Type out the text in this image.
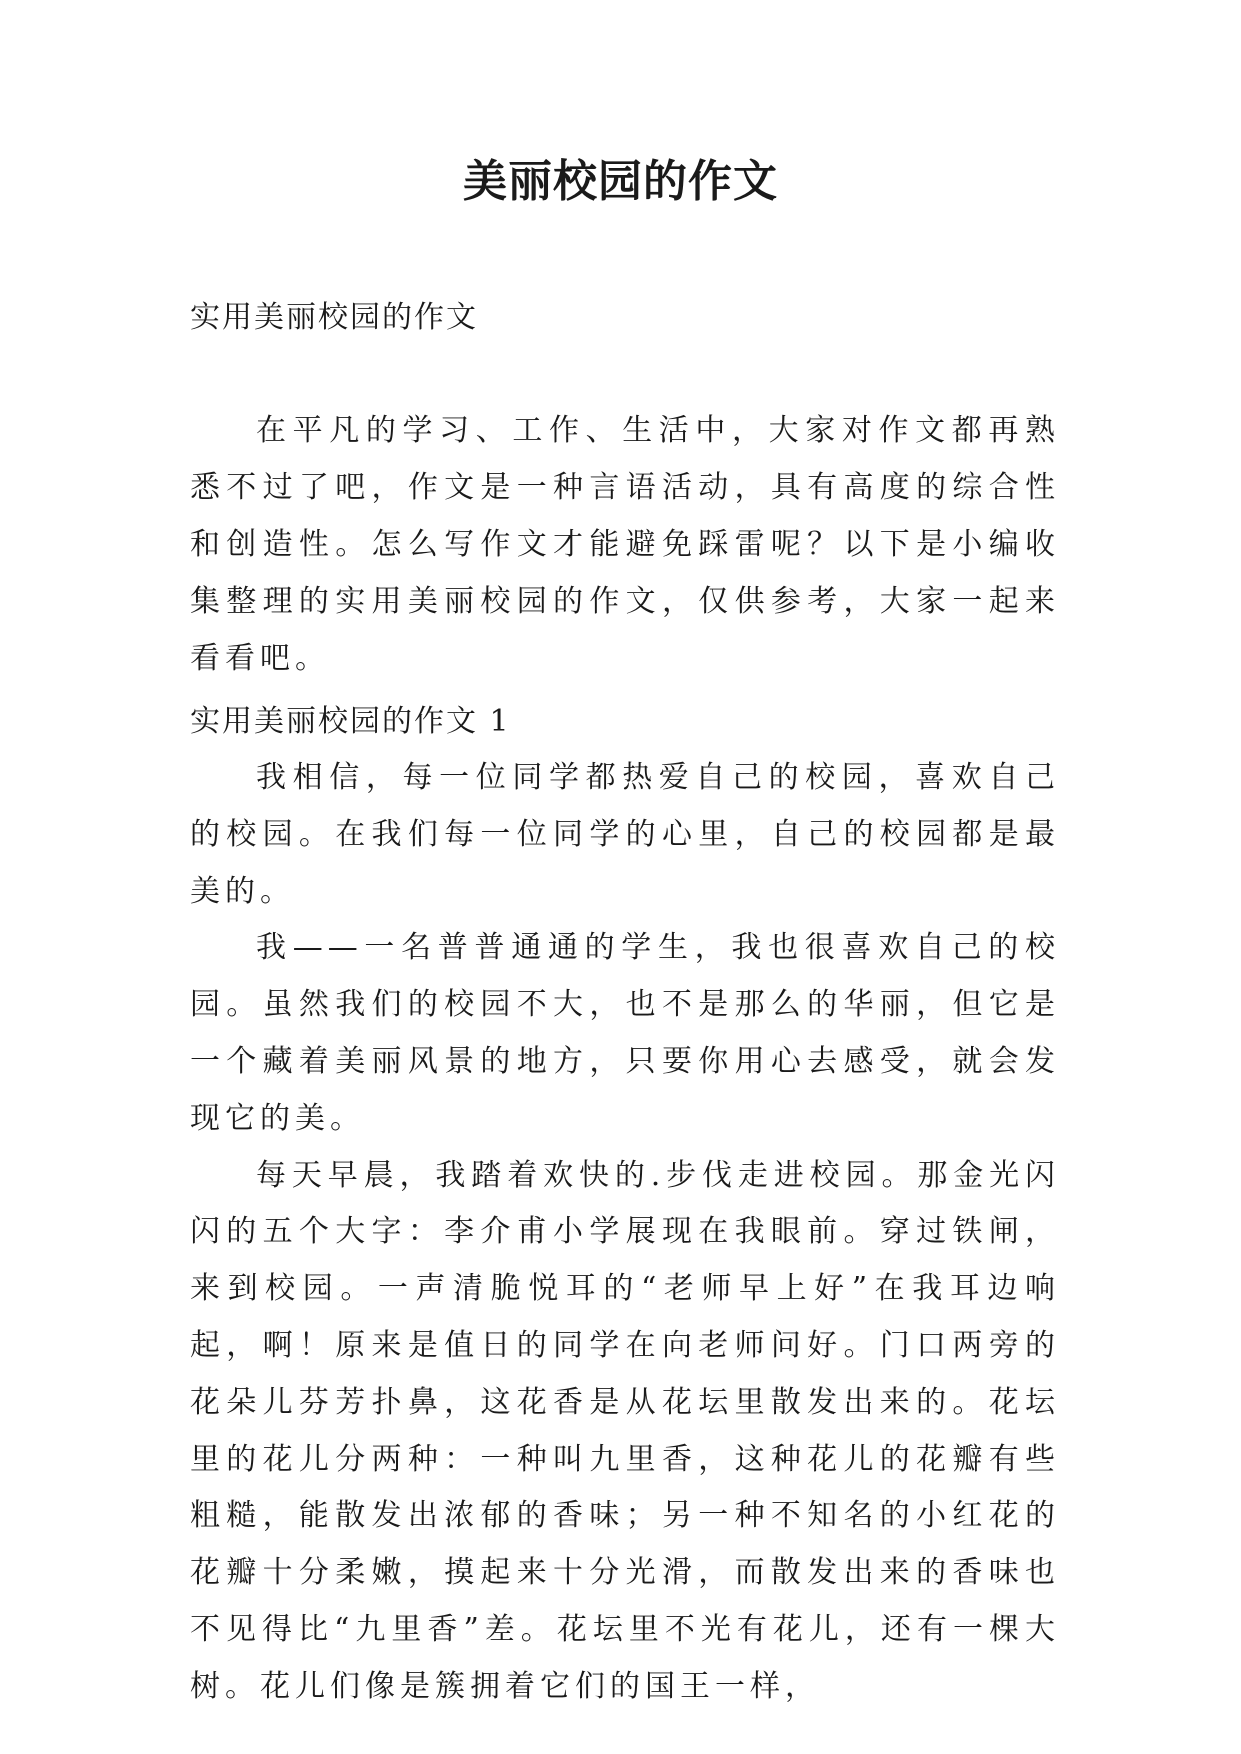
美丽校园的作文

实用美丽校园的作文

在平凡的学习、工作、生活中，大家对作文都再熟悉不过了吧，作文是一种言语活动，具有高度的综合性和创造性。怎么写作文才能避免踩雷呢？以下是小编收集整理的实用美丽校园的作文，仅供参考，大家一起来看看吧。

实用美丽校园的作文 1

我相信，每一位同学都热爱自己的校园，喜欢自己的校园。在我们每一位同学的心里，自己的校园都是最美的。

我——一名普普通通的学生，我也很喜欢自己的校园。虽然我们的校园不大，也不是那么的华丽，但它是一个藏着美丽风景的地方，只要你用心去感受，就会发现它的美。

每天早晨，我踏着欢快的.步伐走进校园。那金光闪闪的五个大字：李介甫小学展现在我眼前。穿过铁闸，来到校园。一声清脆悦耳的“老师早上好”在我耳边响起，啊！原来是值日的同学在向老师问好。门口两旁的花朵儿芬芳扑鼻，这花香是从花坛里散发出来的。花坛里的花儿分两种：一种叫九里香，这种花儿的花瓣有些粗糙，能散发出浓郁的香味；另一种不知名的小红花的花瓣十分柔嫩，摸起来十分光滑，而散发出来的香味也不见得比“九里香”差。花坛里不光有花儿，还有一棵大树。花儿们像是簇拥着它们的国王一样，
